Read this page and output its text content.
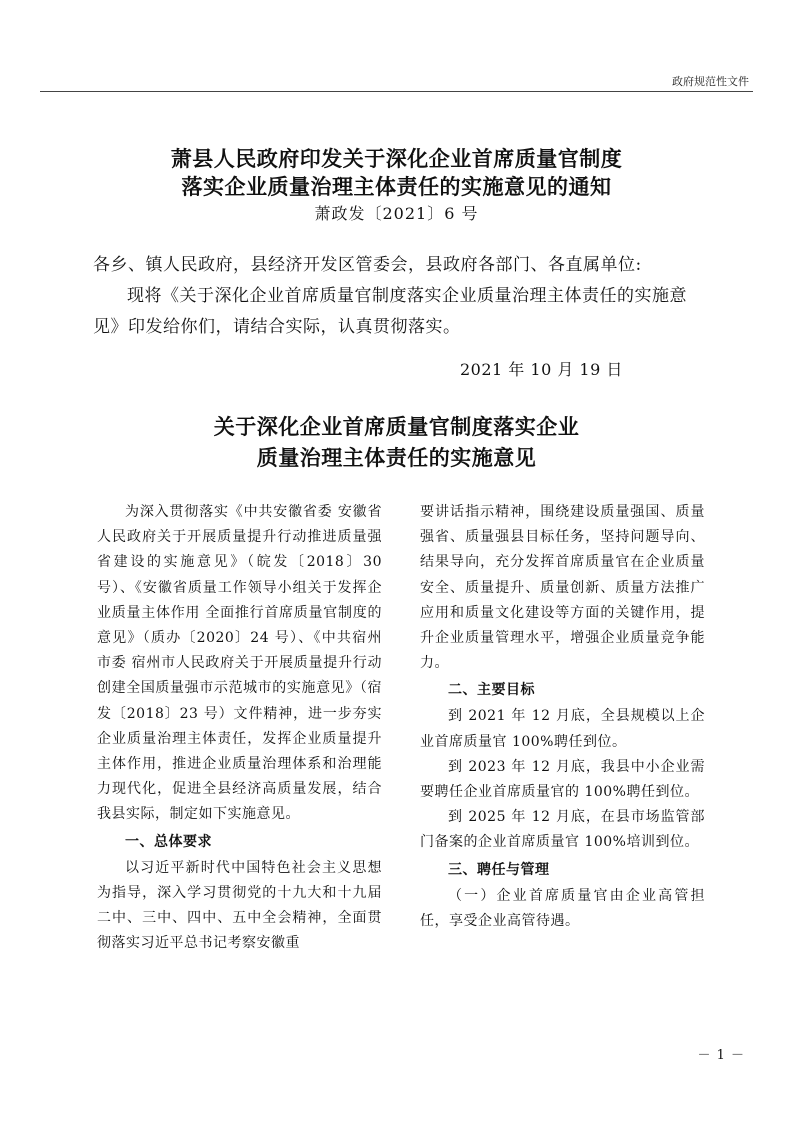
政府规范性文件
萧县人民政府印发关于深化企业首席质量官制度
落实企业质量治理主体责任的实施意见的通知
萧政发〔2021〕6 号
各乡、镇人民政府，县经济开发区管委会，县政府各部门、各直属单位:
现将《关于深化企业首席质量官制度落实企业质量治理主体责任的实施意见》印发给你们，请结合实际，认真贯彻落实。
2021 年 10 月 19 日
关于深化企业首席质量官制度落实企业
质量治理主体责任的实施意见

为深入贯彻落实《中共安徽省委 安徽省人民政府关于开展质量提升行动推进质量强省建设的实施意见》（皖发〔2018〕30 号）、《安徽省质量工作领导小组关于发挥企业质量主体作用 全面推行首席质量官制度的意见》（质办〔2020〕24 号）、《中共宿州市委 宿州市人民政府关于开展质量提升行动创建全国质量强市示范城市的实施意见》（宿发〔2018〕23 号）文件精神，进一步夯实企业质量治理主体责任，发挥企业质量提升主体作用，推进企业质量治理体系和治理能力现代化，促进全县经济高质量发展，结合我县实际，制定如下实施意见。

一、总体要求

以习近平新时代中国特色社会主义思想为指导，深入学习贯彻党的十九大和十九届二中、三中、四中、五中全会精神，全面贯彻落实习近平总书记考察安徽重

要讲话指示精神，围绕建设质量强国、质量强省、质量强县目标任务，坚持问题导向、结果导向，充分发挥首席质量官在企业质量安全、质量提升、质量创新、质量方法推广应用和质量文化建设等方面的关键作用，提升企业质量管理水平，增强企业质量竞争能力。

二、主要目标

到 2021 年 12 月底，全县规模以上企业首席质量官 100%聘任到位。

到 2023 年 12 月底，我县中小企业需要聘任企业首席质量官的 100%聘任到位。

到 2025 年 12 月底，在县市场监管部门备案的企业首席质量官 100%培训到位。

三、聘任与管理

（一）企业首席质量官由企业高管担任，享受企业高管待遇。

－ 1 －
